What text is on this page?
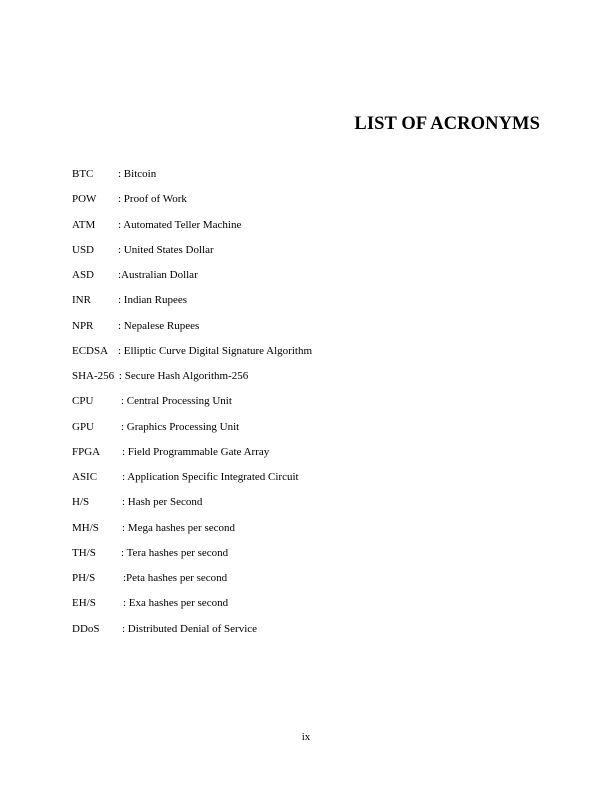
LIST OF ACRONYMS
BTC : Bitcoin
POW : Proof of Work
ATM : Automated Teller Machine
USD : United States Dollar
ASD :Australian Dollar
INR : Indian Rupees
NPR : Nepalese Rupees
ECDSA : Elliptic Curve Digital Signature Algorithm
SHA-256 : Secure Hash Algorithm-256
CPU	: Central Processing Unit
GPU : Graphics Processing Unit
FPGA : Field Programmable Gate Array
ASIC : Application Specific Integrated Circuit
H/S	: Hash per Second
MH/S : Mega hashes per second
TH/S : Tera hashes per second
PH/S	:Peta hashes per second
EH/S : Exa hashes per second
DDoS : Distributed Denial of Service
ix
